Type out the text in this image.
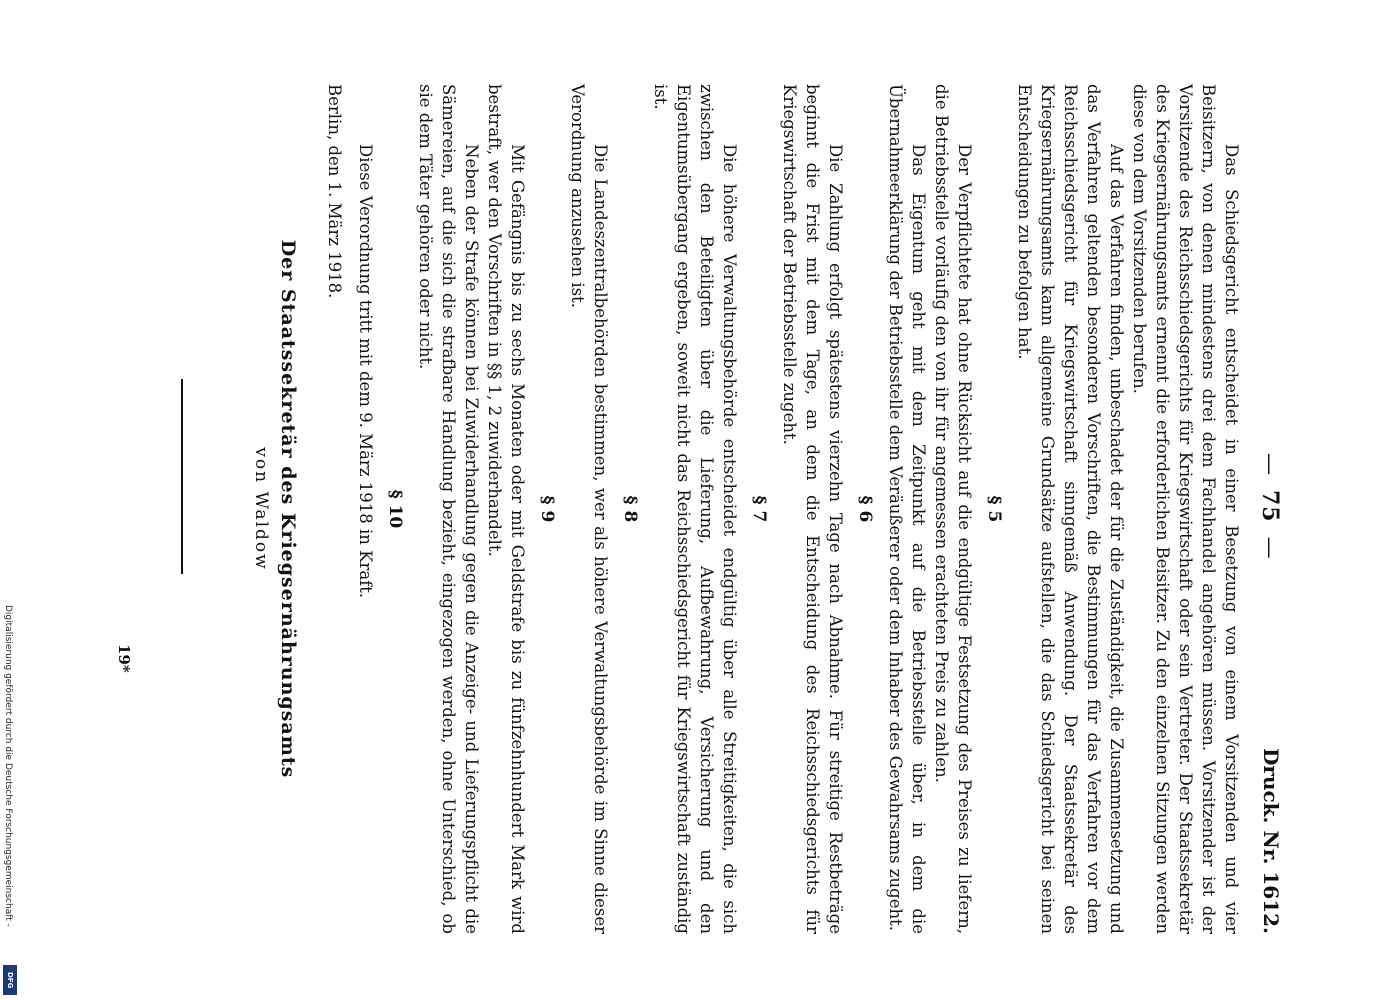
Digitalisierung gefördert durch die Deutsche Forschungsgemeinschaft -
DFG
— 75 —
Druck. Nr. 1612.

Das Schiedsgericht entscheidet in einer Besetzung von einem Vorsitzenden und vier Beisitzern, von denen mindestens drei dem Fachhandel angehören müssen. Vorsitzender ist der Vorsitzende des Reichsschiedsgerichts für Kriegswirtschaft oder sein Vertreter. Der Staatssekretär des Kriegsernährungsamts ernennt die erforderlichen Beisitzer. Zu den einzelnen Sitzungen werden diese von dem Vorsitzenden berufen.

Auf das Verfahren finden, unbeschadet der für die Zuständigkeit, die Zusammensetzung und das Verfahren geltenden besonderen Vorschriften, die Bestimmungen für das Verfahren vor dem Reichsschiedsgericht für Kriegswirtschaft sinngemäß Anwendung. Der Staatssekretär des Kriegsernährungsamts kann allgemeine Grundsätze aufstellen, die das Schiedsgericht bei seinen Entscheidungen zu befolgen hat.

§ 5

Der Verpflichtete hat ohne Rücksicht auf die endgültige Festsetzung des Preises zu liefern, die Betriebsstelle vorläufig den von ihr für angemessen erachteten Preis zu zahlen.

Das Eigentum geht mit dem Zeitpunkt auf die Betriebsstelle über, in dem die Übernahmeerklärung der Betriebsstelle dem Veräußerer oder dem Inhaber des Gewahrsams zugeht.

§ 6

Die Zahlung erfolgt spätestens vierzehn Tage nach Abnahme. Für streitige Restbeträge beginnt die Frist mit dem Tage, an dem die Entscheidung des Reichsschiedsgerichts für Kriegswirtschaft der Betriebsstelle zugeht.

§ 7

Die höhere Verwaltungsbehörde entscheidet endgültig über alle Streitigkeiten, die sich zwischen den Beteiligten über die Lieferung, Aufbewahrung, Versicherung und den Eigentumsübergang ergeben, soweit nicht das Reichsschiedsgericht für Kriegswirtschaft zuständig ist.

§ 8

Die Landeszentralbehörden bestimmen, wer als höhere Verwaltungsbehörde im Sinne dieser Verordnung anzusehen ist.

§ 9

Mit Gefängnis bis zu sechs Monaten oder mit Geldstrafe bis zu fünfzehnhundert Mark wird bestraft, wer den Vorschriften in §§ 1, 2 zuwiderhandelt.

Neben der Strafe können bei Zuwiderhandlung gegen die Anzeige- und Lieferungspflicht die Sämereien, auf die sich die strafbare Handlung bezieht, eingezogen werden, ohne Unterschied, ob sie dem Täter gehören oder nicht.

§ 10

Diese Verordnung tritt mit dem 9. März 1918 in Kraft.

Berlin, den 1. März 1918.

Der Staatssekretär des Kriegsernährungsamts
von Waldow
19*
